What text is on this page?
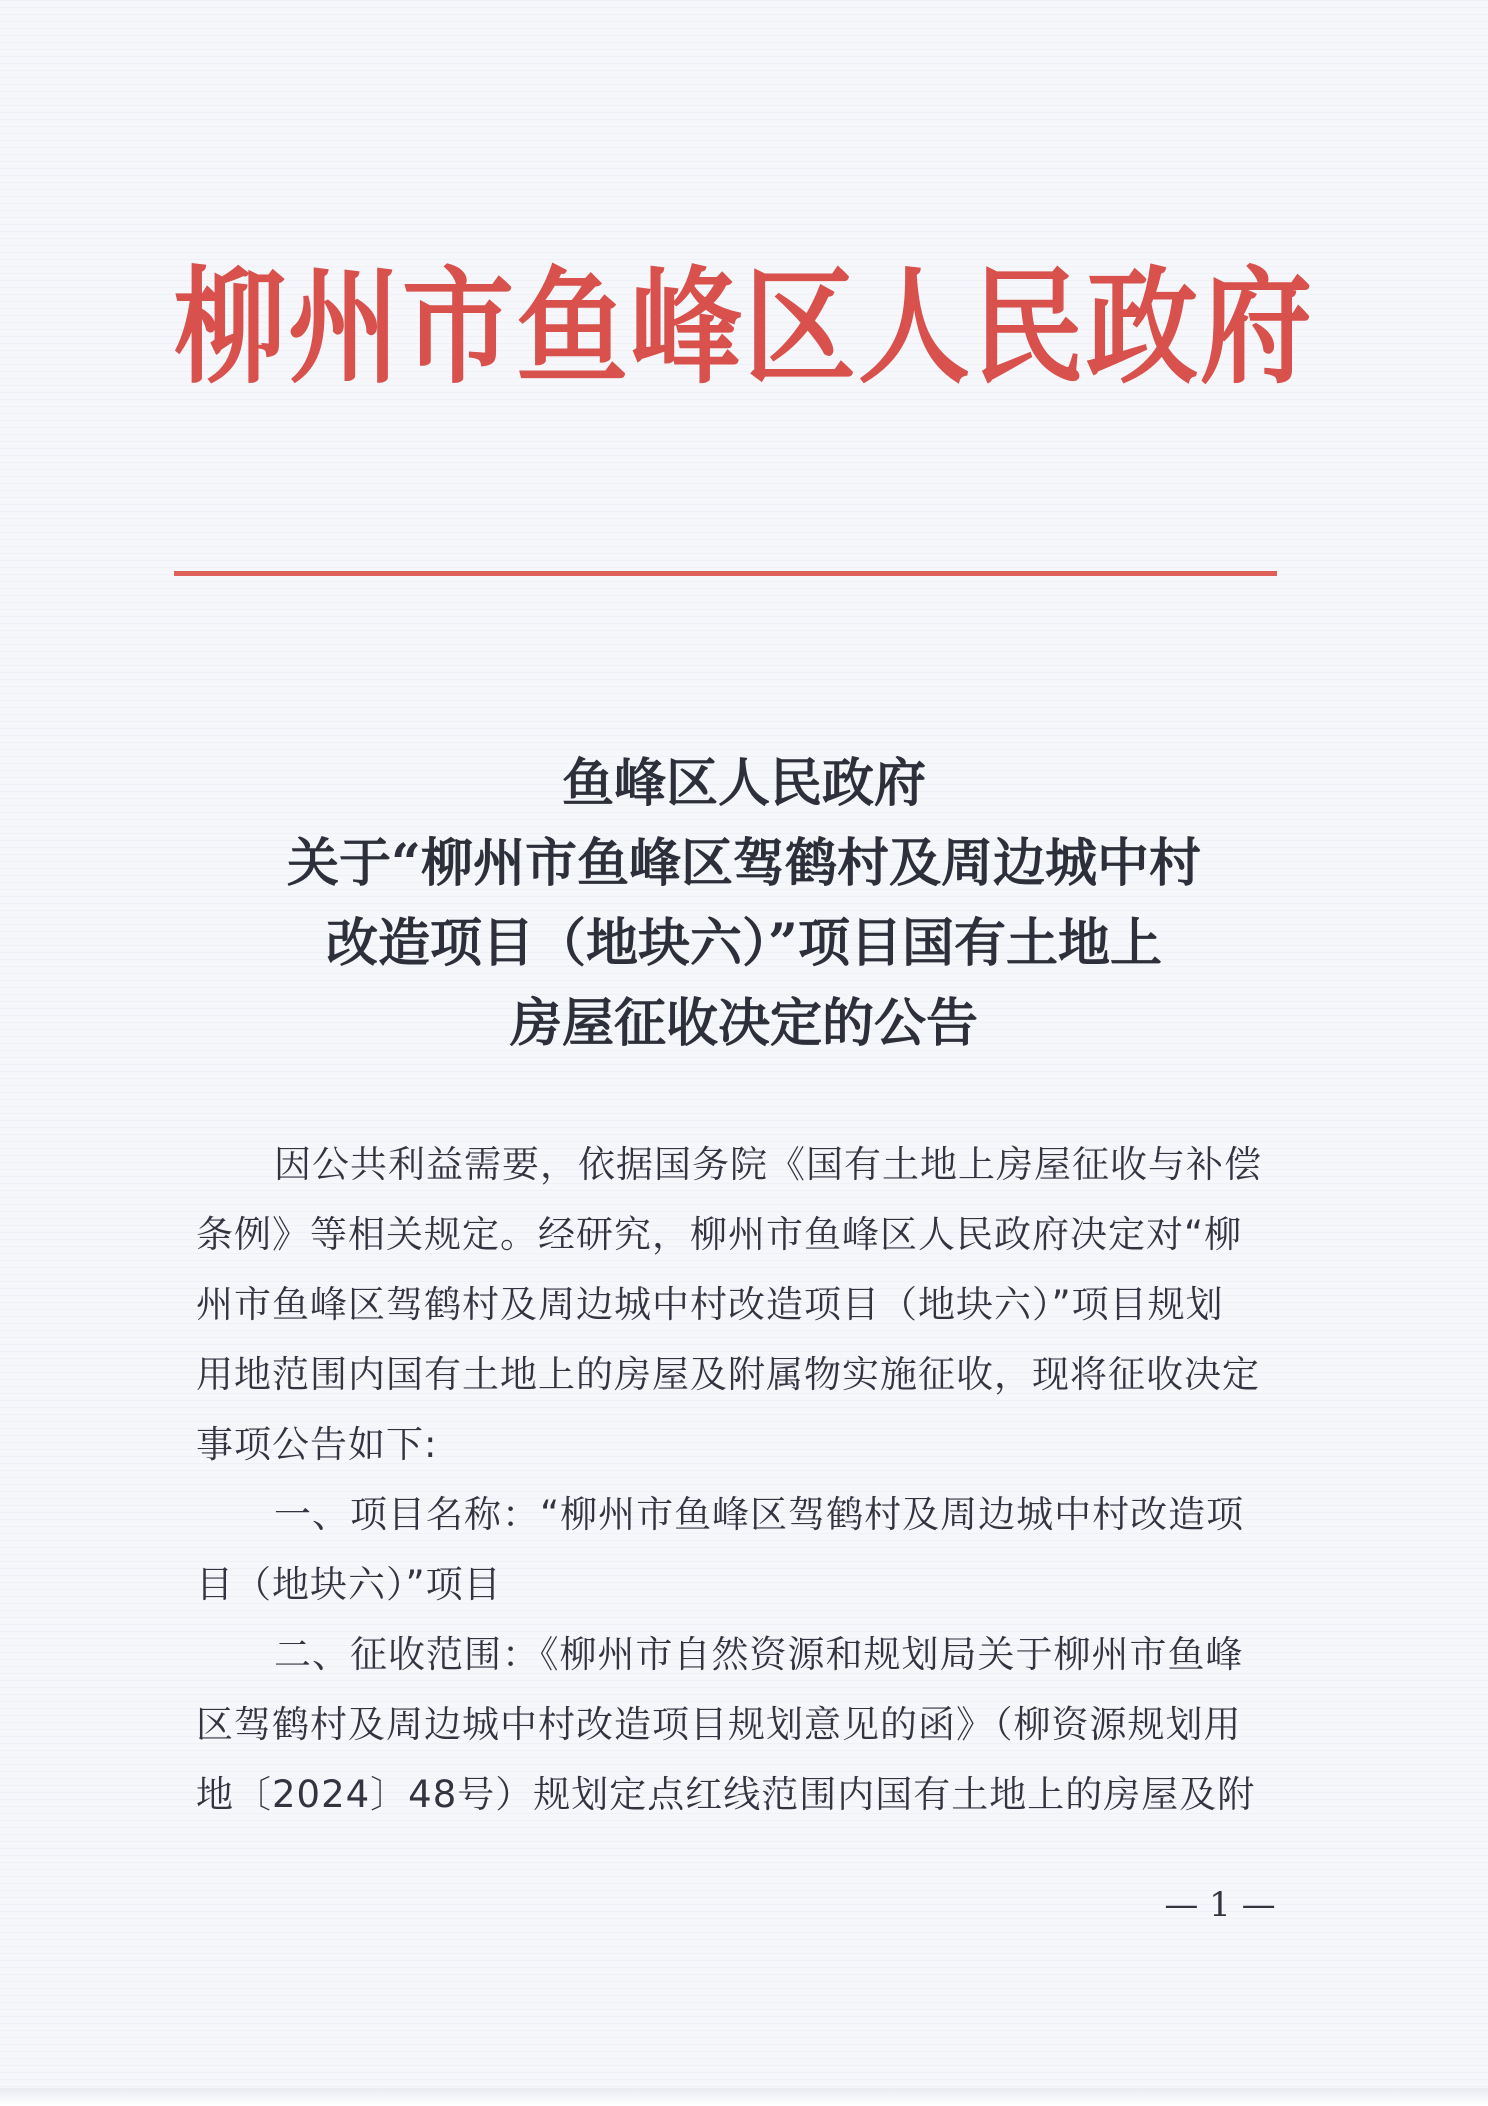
柳州市鱼峰区人民政府
鱼峰区人民政府
关于“柳州市鱼峰区驾鹤村及周边城中村
改造项目（地块六）”项目国有土地上
房屋征收决定的公告
因公共利益需要，依据国务院《国有土地上房屋征收与补偿
条例》等相关规定。经研究，柳州市鱼峰区人民政府决定对“柳
州市鱼峰区驾鹤村及周边城中村改造项目（地块六）”项目规划
用地范围内国有土地上的房屋及附属物实施征收，现将征收决定
事项公告如下:
一、项目名称：“柳州市鱼峰区驾鹤村及周边城中村改造项
目（地块六）”项目
二、征收范围：《柳州市自然资源和规划局关于柳州市鱼峰
区驾鹤村及周边城中村改造项目规划意见的函》（柳资源规划用
地〔2024〕48号）规划定点红线范围内国有土地上的房屋及附
— 1 —
